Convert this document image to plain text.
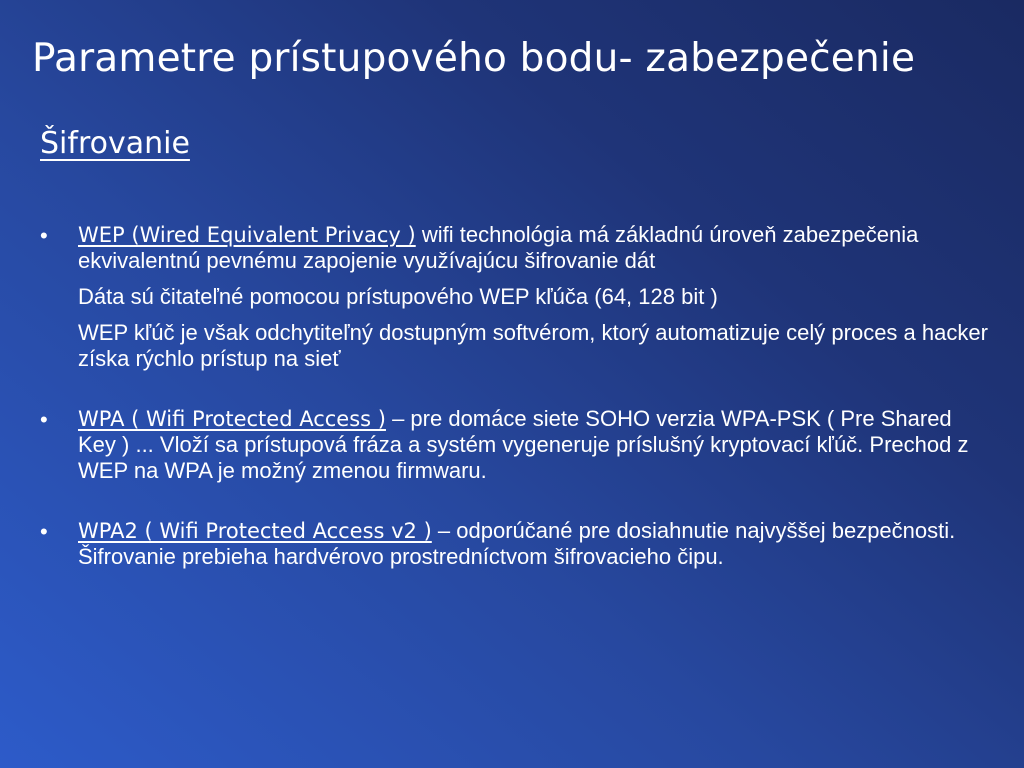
Parametre prístupového bodu- zabezpečenie
Šifrovanie
• WEP (Wired Equivalent Privacy ) wifi technológia má základnú úroveň zabezpečenia ekvivalentnú pevnému zapojenie využívajúcu šifrovanie dát

Dáta sú čitateľné pomocou prístupového WEP kľúča (64, 128 bit )

WEP kľúč je však odchytiteľný dostupným softvérom, ktorý automatizuje celý proces a hacker získa rýchlo prístup na sieť

• WPA ( Wifi Protected Access ) – pre domáce siete SOHO verzia WPA-PSK ( Pre Shared Key ) ... Vloží sa prístupová fráza a systém vygeneruje príslušný kryptovací kľúč. Prechod z WEP na WPA je možný zmenou firmwaru.

• WPA2 ( Wifi Protected Access v2 ) – odporúčané pre dosiahnutie najvyššej bezpečnosti. Šifrovanie prebieha hardvérovo prostredníctvom šifrovacieho čipu.
